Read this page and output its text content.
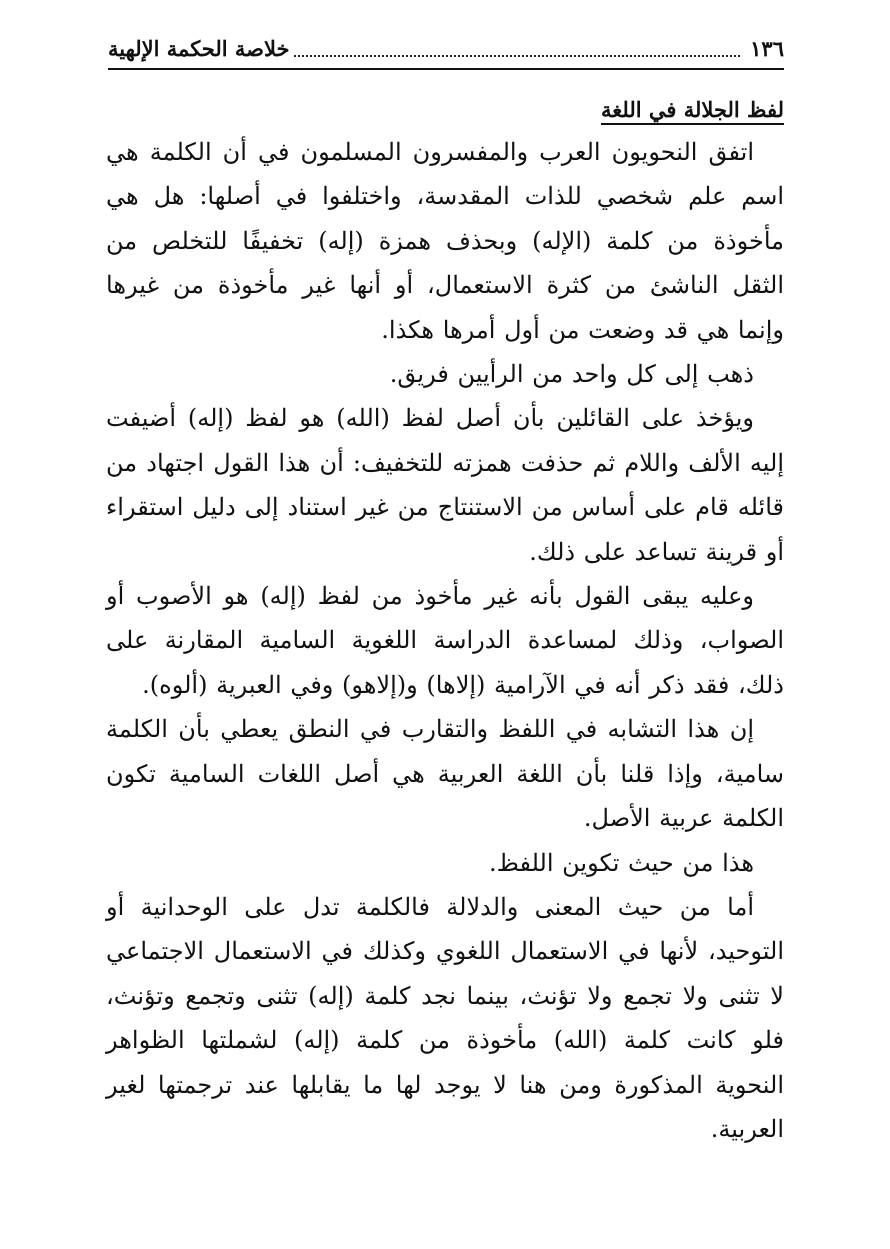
١٣٦
خلاصة الحكمة الإلهية
لفظ الجلالة في اللغة

اتفق النحويون العرب والمفسرون المسلمون في أن الكلمة هي اسم علم شخصي للذات المقدسة، واختلفوا في أصلها: هل هي مأخوذة من كلمة (الإله) وبحذف همزة (إله) تخفيفًا للتخلص من الثقل الناشئ من كثرة الاستعمال، أو أنها غير مأخوذة من غيرها وإنما هي قد وضعت من أول أمرها هكذا.

ذهب إلى كل واحد من الرأيين فريق.

ويؤخذ على القائلين بأن أصل لفظ (الله) هو لفظ (إله) أضيفت إليه الألف واللام ثم حذفت همزته للتخفيف: أن هذا القول اجتهاد من قائله قام على أساس من الاستنتاج من غير استناد إلى دليل استقراء أو قرينة تساعد على ذلك.

وعليه يبقى القول بأنه غير مأخوذ من لفظ (إله) هو الأصوب أو الصواب، وذلك لمساعدة الدراسة اللغوية السامية المقارنة على ذلك، فقد ذكر أنه في الآرامية (إلاها) و(إلاهو) وفي العبرية (ألوه).

إن هذا التشابه في اللفظ والتقارب في النطق يعطي بأن الكلمة سامية، وإذا قلنا بأن اللغة العربية هي أصل اللغات السامية تكون الكلمة عربية الأصل.

هذا من حيث تكوين اللفظ.

أما من حيث المعنى والدلالة فالكلمة تدل على الوحدانية أو التوحيد، لأنها في الاستعمال اللغوي وكذلك في الاستعمال الاجتماعي لا تثنى ولا تجمع ولا تؤنث، بينما نجد كلمة (إله) تثنى وتجمع وتؤنث، فلو كانت كلمة (الله) مأخوذة من كلمة (إله) لشملتها الظواهر النحوية المذكورة ومن هنا لا يوجد لها ما يقابلها عند ترجمتها لغير العربية.
